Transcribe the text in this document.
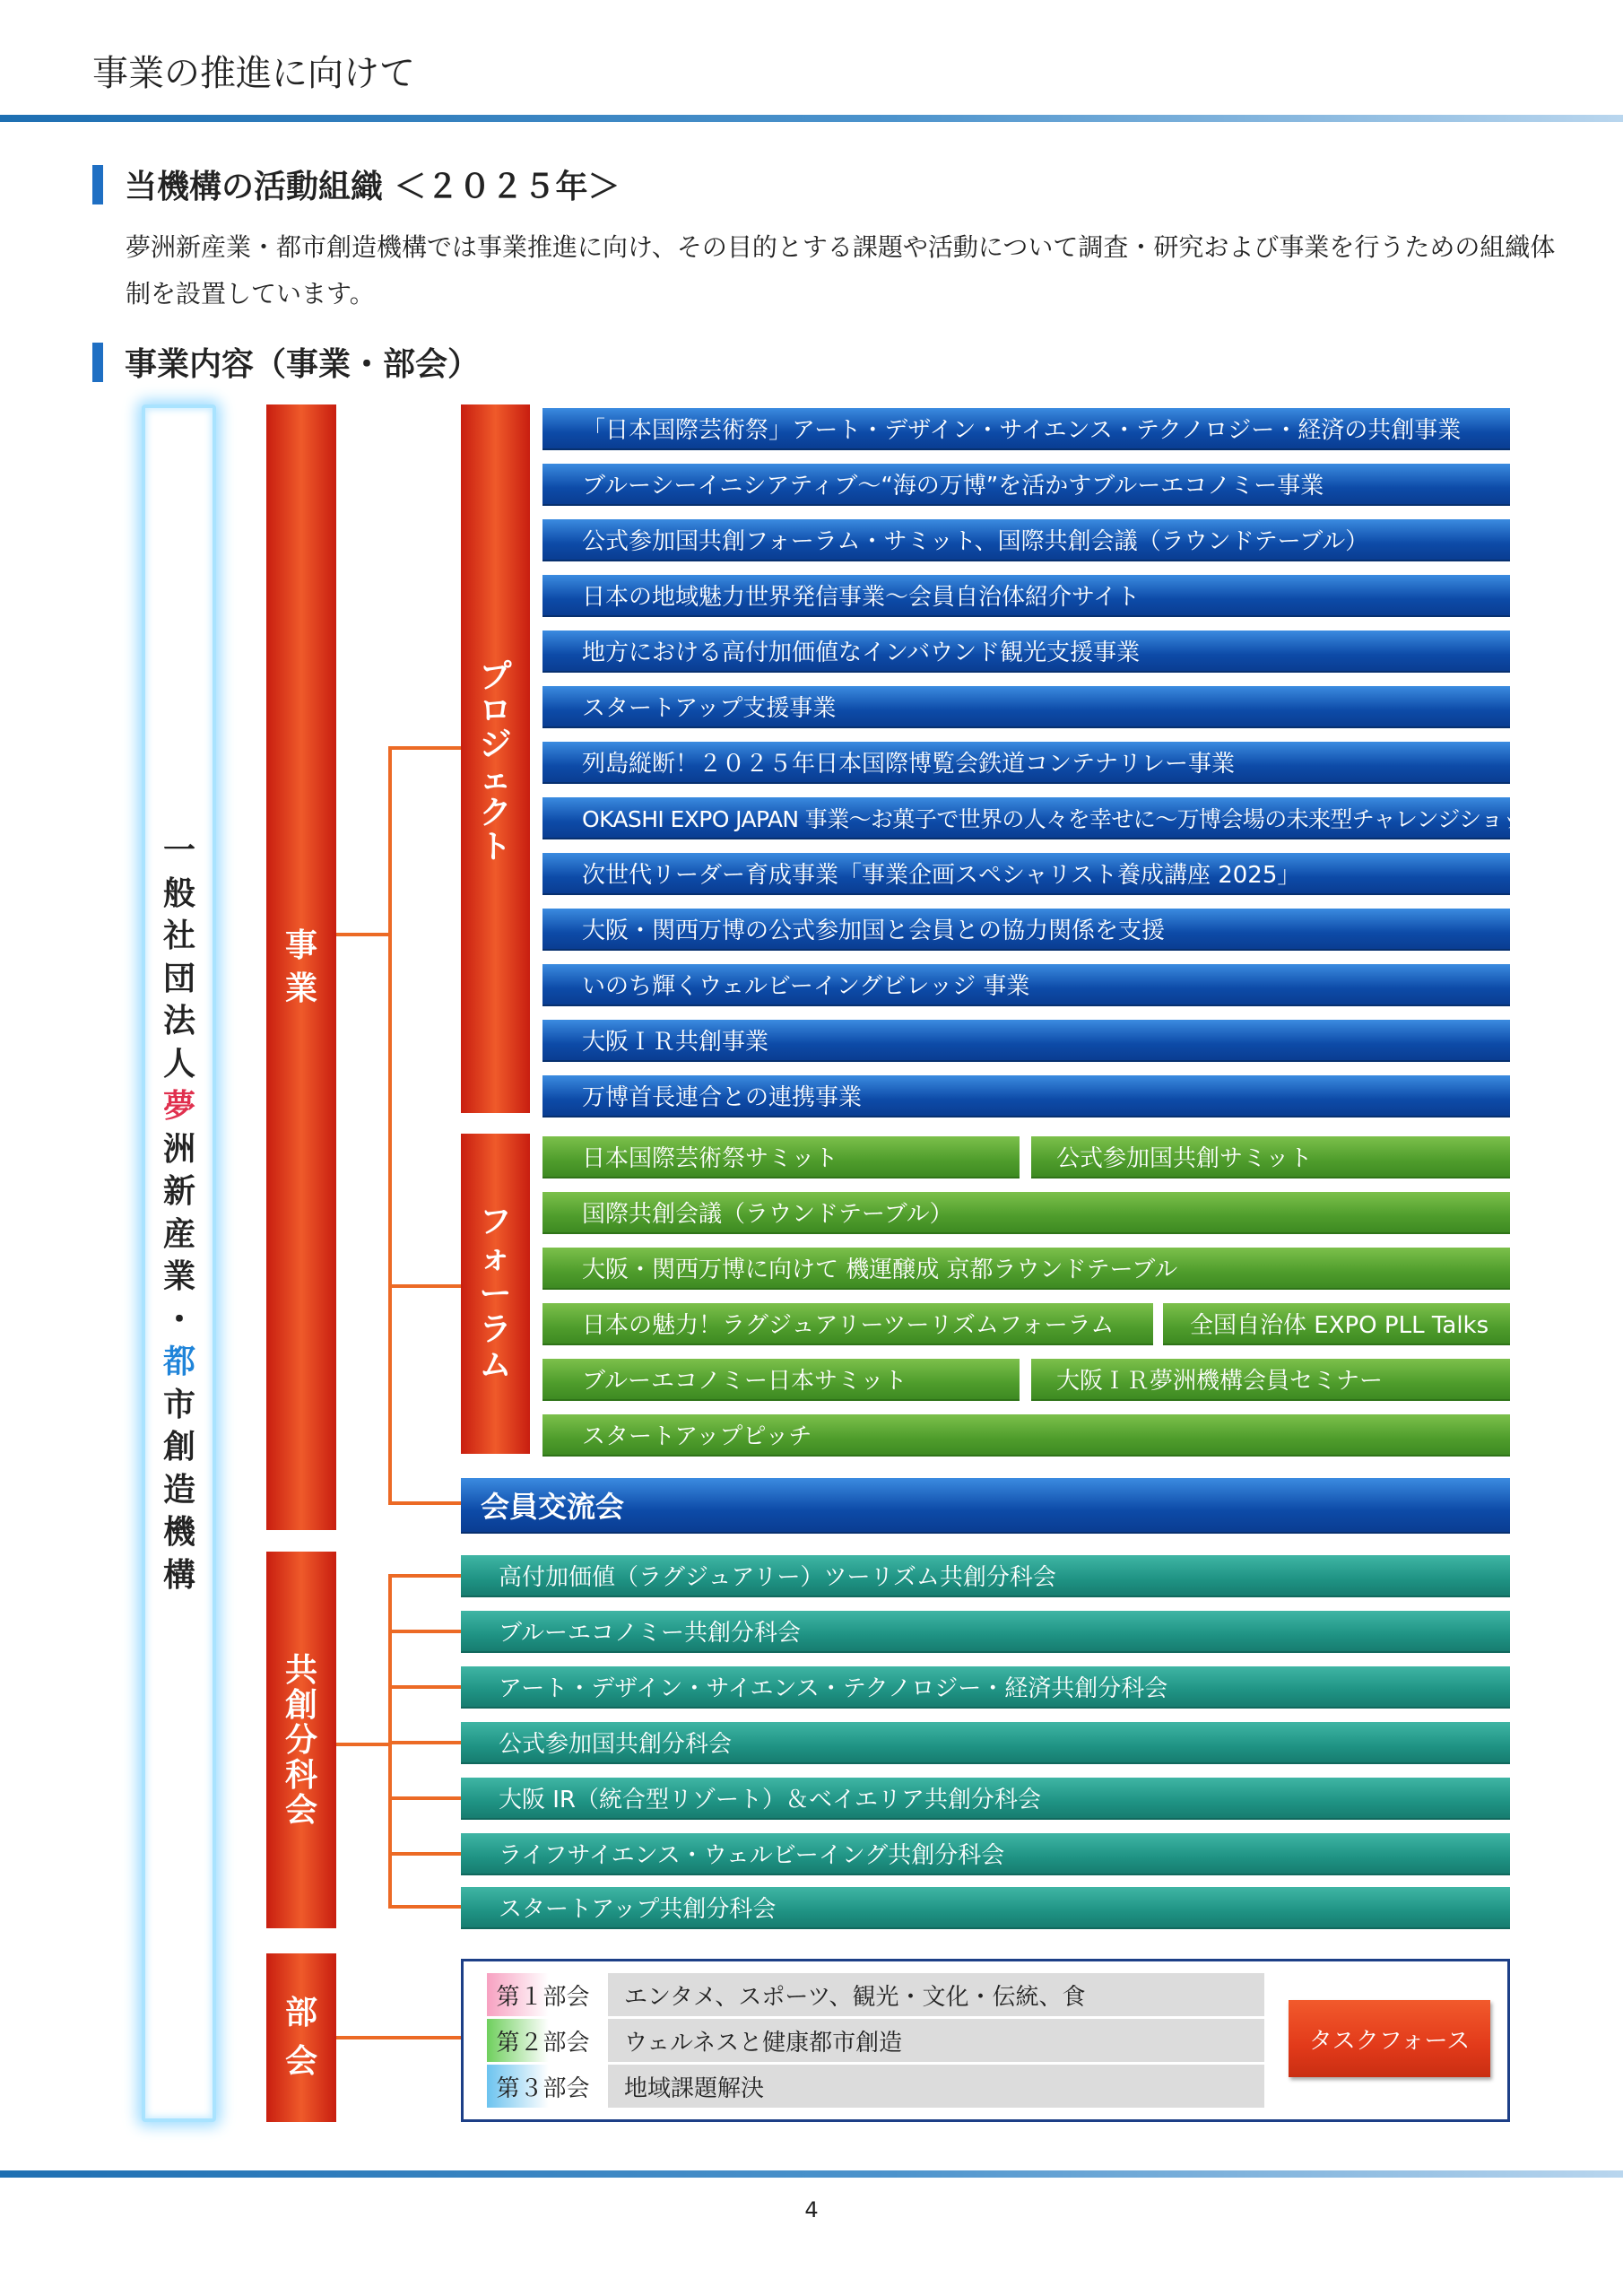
事業の推進に向けて
当機構の活動組織 ＜２０２５年＞
夢洲新産業・都市創造機構では事業推進に向け、その目的とする課題や活動について調査・研究および事業を行うための組織体制を設置しています。
事業内容（事業・部会）
一
般
社
団
法
人
夢
洲
新
産
業
・
都
市
創
造
機
構
事
業
共
創
分
科
会
部
会
プ
ロ
ジ
ェ
ク
ト
フ
ォ
ー
ラ
ム
「日本国際芸術祭」アート・デザイン・サイエンス・テクノロジー・経済の共創事業
ブルーシーイニシアティブ〜“海の万博”を活かすブルーエコノミー事業
公式参加国共創フォーラム・サミット、国際共創会議（ラウンドテーブル）
日本の地域魅力世界発信事業〜会員自治体紹介サイト
地方における高付加価値なインバウンド観光支援事業
スタートアップ支援事業
列島縦断！２０２５年日本国際博覧会鉄道コンテナリレー事業
OKASHI EXPO JAPAN 事業〜お菓子で世界の人々を幸せに〜万博会場の未来型チャレンジショップ
次世代リーダー育成事業「事業企画スペシャリスト養成講座 2025」
大阪・関西万博の公式参加国と会員との協力関係を支援
いのち輝くウェルビーイングビレッジ 事業
大阪ＩＲ共創事業
万博首長連合との連携事業
日本国際芸術祭サミット	公式参加国共創サミット
国際共創会議（ラウンドテーブル）
大阪・関西万博に向けて 機運醸成 京都ラウンドテーブル
日本の魅力！ラグジュアリーツーリズムフォーラム	全国自治体 EXPO PLL Talks
ブルーエコノミー日本サミット	大阪ＩＲ夢洲機構会員セミナー
スタートアップピッチ
会員交流会
高付加価値（ラグジュアリー）ツーリズム共創分科会
ブルーエコノミー共創分科会
アート・デザイン・サイエンス・テクノロジー・経済共創分科会
公式参加国共創分科会
大阪 IR（統合型リゾート）＆ベイエリア共創分科会
ライフサイエンス・ウェルビーイング共創分科会
スタートアップ共創分科会
第１部会	エンタメ、スポーツ、観光・文化・伝統、食
第２部会	ウェルネスと健康都市創造
第３部会	地域課題解決
タスクフォース
4
